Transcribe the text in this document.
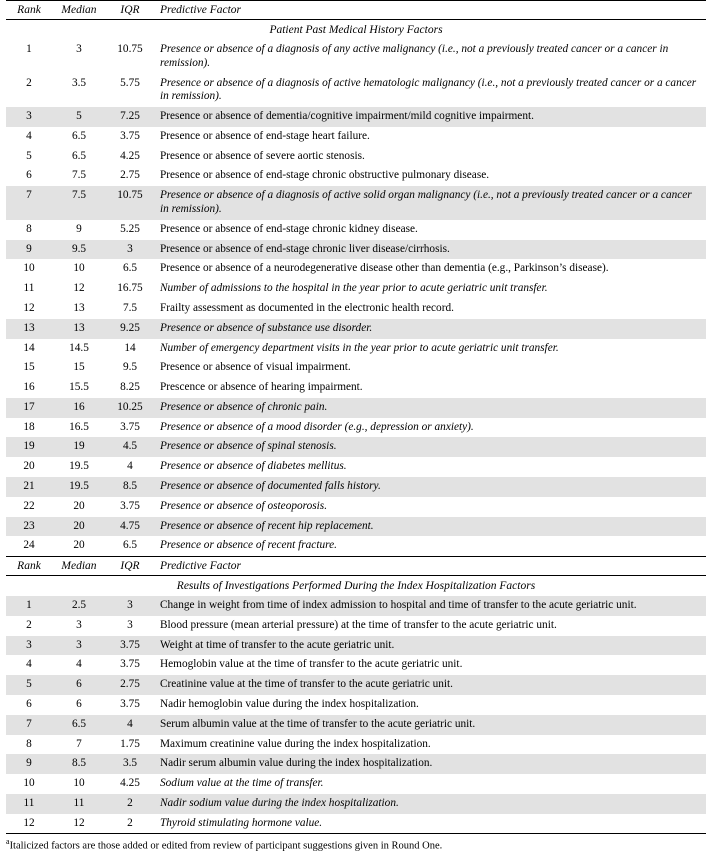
Patient Past Medical History Factors			
Rank	Median	IQR	Predictive Factor
1	3	10.75	Presence or absence of a diagnosis of any active malignancy (i.e., not a previously treated cancer or a cancer in remission).
2	3.5	5.75	Presence or absence of a diagnosis of active hematologic malignancy (i.e., not a previously treated cancer or a cancer in remission).
3	5	7.25	Presence or absence of dementia/cognitive impairment/mild cognitive impairment.
4	6.5	3.75	Presence or absence of end-stage heart failure.
5	6.5	4.25	Presence or absence of severe aortic stenosis.
6	7.5	2.75	Presence or absence of end-stage chronic obstructive pulmonary disease.
7	7.5	10.75	Presence or absence of a diagnosis of active solid organ malignancy (i.e., not a previously treated cancer or a cancer in remission).
8	9	5.25	Presence or absence of end-stage chronic kidney disease.
9	9.5	3	Presence or absence of end-stage chronic liver disease/cirrhosis.
10	10	6.5	Presence or absence of a neurodegenerative disease other than dementia (e.g., Parkinson’s disease).
11	12	16.75	Number of admissions to the hospital in the year prior to acute geriatric unit transfer.
12	13	7.5	Frailty assessment as documented in the electronic health record.
13	13	9.25	Presence or absence of substance use disorder.
14	14.5	14	Number of emergency department visits in the year prior to acute geriatric unit transfer.
15	15	9.5	Presence or absence of visual impairment.
16	15.5	8.25	Prescence or absence of hearing impairment.
17	16	10.25	Presence or absence of chronic pain.
18	16.5	3.75	Presence or absence of a mood disorder (e.g., depression or anxiety).
19	19	4.5	Presence or absence of spinal stenosis.
20	19.5	4	Presence or absence of diabetes mellitus.
21	19.5	8.5	Presence or absence of documented falls history.
22	20	3.75	Presence or absence of osteoporosis.
23	20	4.75	Presence or absence of recent hip replacement.
24	20	6.5	Presence or absence of recent fracture.

Results of Investigations Performed During the Index Hospitalization Factors			
Rank	Median	IQR	Predictive Factor
1	2.5	3	Change in weight from time of index admission to hospital and time of transfer to the acute geriatric unit.
2	3	3	Blood pressure (mean arterial pressure) at the time of transfer to the acute geriatric unit.
3	3	3.75	Weight at time of transfer to the acute geriatric unit.
4	4	3.75	Hemoglobin value at the time of transfer to the acute geriatric unit.
5	6	2.75	Creatinine value at the time of transfer to the acute geriatric unit.
6	6	3.75	Nadir hemoglobin value during the index hospitalization.
7	6.5	4	Serum albumin value at the time of transfer to the acute geriatric unit.
8	7	1.75	Maximum creatinine value during the index hospitalization.
9	8.5	3.5	Nadir serum albumin value during the index hospitalization.
10	10	4.25	Sodium value at the time of transfer.
11	11	2	Nadir sodium value during the index hospitalization.
12	12	2	Thyroid stimulating hormone value.
$^a$Italicized factors are those added or edited from review of participant suggestions given in Round One.
